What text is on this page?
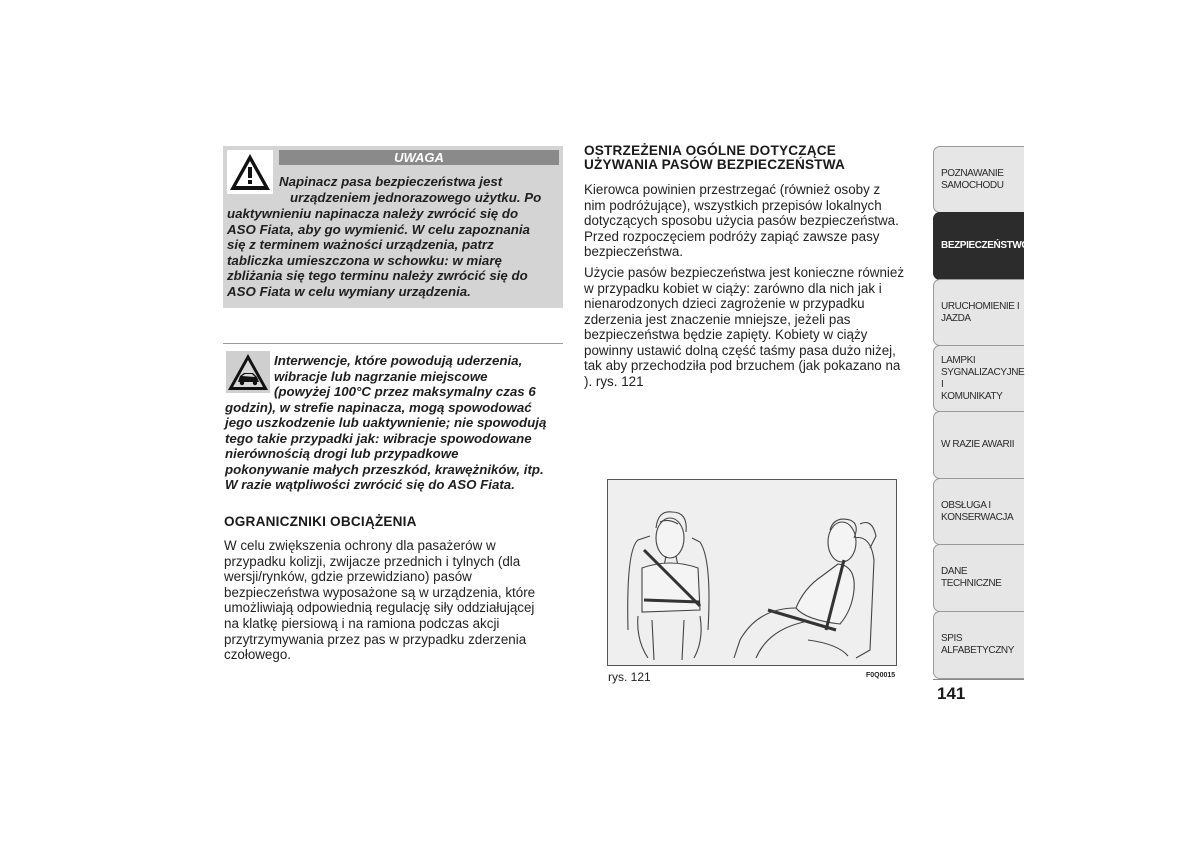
UWAGA
Napinacz pasa bezpieczeństwa jest
urządzeniem jednorazowego użytku. Po
uaktywnieniu napinacza należy zwrócić się do
ASO Fiata, aby go wymienić. W celu zapoznania
się z terminem ważności urządzenia, patrz
tabliczka umieszczona w schowku: w miarę
zbliżania się tego terminu należy zwrócić się do
ASO Fiata w celu wymiany urządzenia.
Interwencje, które powodują uderzenia,
wibracje lub nagrzanie miejscowe
(powyżej 100°C przez maksymalny czas 6
godzin), w strefie napinacza, mogą spowodować
jego uszkodzenie lub uaktywnienie; nie spowodują
tego takie przypadki jak: wibracje spowodowane
nierównością drogi lub przypadkowe
pokonywanie małych przeszkód, krawężników, itp.
W razie wątpliwości zwrócić się do ASO Fiata.
OGRANICZNIKI OBCIĄŻENIA
W celu zwiększenia ochrony dla pasażerów w
przypadku kolizji, zwijacze przednich i tylnych (dla
wersji/rynków, gdzie przewidziano) pasów
bezpieczeństwa wyposażone są w urządzenia, które
umożliwiają odpowiednią regulację siły oddziałującej
na klatkę piersiową i na ramiona podczas akcji
przytrzymywania przez pas w przypadku zderzenia
czołowego.
OSTRZEŻENIA OGÓLNE DOTYCZĄCE
UŻYWANIA PASÓW BEZPIECZEŃSTWA
Kierowca powinien przestrzegać (również osoby z
nim podróżujące), wszystkich przepisów lokalnych
dotyczących sposobu użycia pasów bezpieczeństwa.
Przed rozpoczęciem podróży zapiąć zawsze pasy
bezpieczeństwa.
Użycie pasów bezpieczeństwa jest konieczne również
w przypadku kobiet w ciąży: zarówno dla nich jak i
nienarodzonych dzieci zagrożenie w przypadku
zderzenia jest znaczenie mniejsze, jeżeli pas
bezpieczeństwa będzie zapięty. Kobiety w ciąży
powinny ustawić dolną część taśmy pasa dużo niżej,
tak aby przechodziła pod brzuchem (jak pokazano na
). rys. 121
rys. 121	F0Q0015
POZNAWANIE
SAMOCHODU
BEZPIECZEŃSTWO
URUCHOMIENIE I
JAZDA
LAMPKI
SYGNALIZACYJNE I
KOMUNIKATY
W RAZIE AWARII
OBSŁUGA I
KONSERWACJA
DANE TECHNICZNE
SPIS ALFABETYCZNY
141
